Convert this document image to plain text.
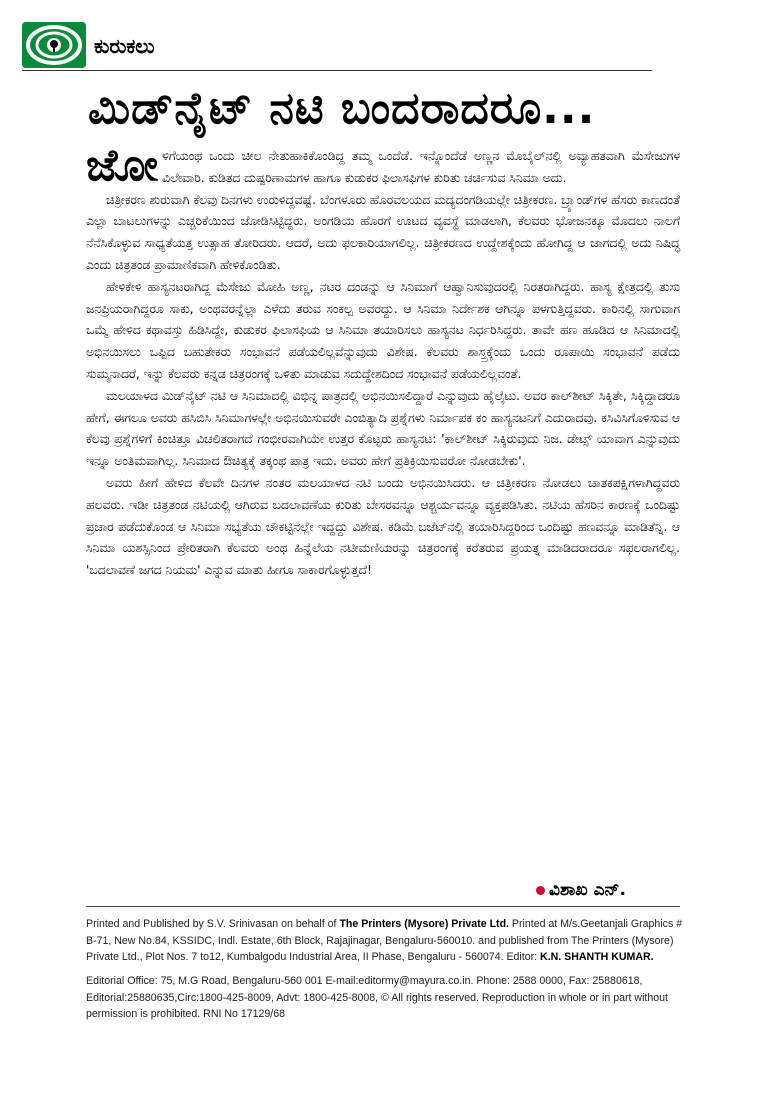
ಕುರುಕಲು
ಮಿಡ್‌ನೈಟ್ ನಟಿ ಬಂದರಾದರೂ...

ಜೋ ಳಿಗೆಯಂಥ ಒಂದು ಚೀಲ ನೇತುಹಾಕಿಕೊಂಡಿದ್ದ ತಮ್ಮ ಒಂದೆಡೆ. ಇನ್ನೊಂದೆಡೆ ಅಣ್ಣನ ಮೊಬೈಲ್‌ನಲ್ಲಿ ಅವ್ಯಾಹತವಾಗಿ ಮೆಸೇಜುಗಳ ವಿಲೇವಾರಿ. ಕುಡಿತದ ದುಷ್ಪರಿಣಾಮಗಳ ಹಾಗೂ ಕುಡುಕರ ಫಿಲಾಸಫಿಗಳ ಕುರಿತು ಚರ್ಚಿಸುವ ಸಿನಿಮಾ ಅದು.

ಚಿತ್ರೀಕರಣ ಶುರುವಾಗಿ ಕೆಲವು ದಿನಗಳು ಉರುಳಿದ್ದವಷ್ಟೆ. ಬೆಂಗಳೂರು ಹೊರವಲಯದ ಮದ್ಯದಂಗಡಿಯಲ್ಲೇ ಚಿತ್ರೀಕರಣ. ಬ್ರ್ಯಾಂಡ್‌ಗಳ ಹೆಸರು ಕಾಣದಂತೆ ಎಲ್ಲಾ ಬಾಟಲುಗಳನ್ನು ಎಚ್ಚರಿಕೆಯಿಂದ ಜೋಡಿಸಿಟ್ಟಿದ್ದರು. ಅಂಗಡಿಯ ಹೊರಗೆ ಊಟದ ವ್ಯವಸ್ಥೆ ಮಾಡಲಾಗಿ, ಕೆಲವರು ಭೋಜನಕ್ಕೂ ಮೊದಲು ನಾಲಗೆ ನೆನೆಸಿಕೊಳ್ಳುವ ಸಾಧ್ಯತೆಯತ್ತ ಉತ್ಸಾಹ ತೋರಿದರು. ಆದರೆ, ಅದು ಫಲಕಾರಿಯಾಗಲಿಲ್ಲ. ಚಿತ್ರೀಕರಣದ ಉದ್ದೇಶಕ್ಕೆಂದು ಹೋಗಿದ್ದ ಆ ಜಾಗದಲ್ಲಿ ಅದು ನಿಷಿದ್ಧ ಎಂದು ಚಿತ್ರತಂಡ ಪ್ರಾಮಾಣಿಕವಾಗಿ ಹೇಳಿಕೊಂಡಿತು.

ಹೇಳಿಕೇಳಿ ಹಾಸ್ಯನಟರಾಗಿದ್ದ ಮೆಸೇಜು ಮೋಹಿ ಅಣ್ಣ, ನಟರ ದಂಡನ್ನು ಆ ಸಿನಿಮಾಗೆ ಆಹ್ವಾನಿಸುವುದರಲ್ಲಿ ನಿರತರಾಗಿದ್ದರು. ಹಾಸ್ಯ ಕ್ಷೇತ್ರದಲ್ಲಿ ತುಸು ಜನಪ್ರಿಯರಾಗಿದ್ದರೂ ಸಾಕು, ಅಂಥವರನ್ನೆಲ್ಲಾ ಎಳೆದು ತರುವ ಸಂಕಲ್ಪ ಅವರದ್ದು. ಆ ಸಿನಿಮಾ ನಿರ್ದೇಶಕ ಆಗಿನ್ನೂ ಪಳಗುತ್ತಿದ್ದವರು. ಕಾರಿನಲ್ಲಿ ಸಾಗುವಾಗ ಒಮ್ಮೆ ಹೇಳಿದ ಕಥಾವಸ್ತು ಹಿಡಿಸಿದ್ದೇ, ಕುಡುಕರ ಫಿಲಾಸಫಿಯ ಆ ಸಿನಿಮಾ ತಯಾರಿಸಲು ಹಾಸ್ಯನಟ ನಿರ್ಧರಿಸಿದ್ದರು. ತಾವೇ ಹಣ ಹೂಡಿದ ಆ ಸಿನಿಮಾದಲ್ಲಿ ಅಭಿನಯಿಸಲು ಒಪ್ಪಿದ ಬಹುತೇಕರು ಸಂಭಾವನೆ ಪಡೆಯಲಿಲ್ಲವೆನ್ನುವುದು ವಿಶೇಷ. ಕೆಲವರು ಶಾಸ್ತ್ರಕ್ಕೆಂದು ಒಂದು ರೂಪಾಯಿ ಸಂಭಾವನೆ ಪಡೆದು ಸುಮ್ಮನಾದರೆ, ಇನ್ನು ಕೆಲವರು ಕನ್ನಡ ಚಿತ್ರರಂಗಕ್ಕೆ ಒಳಿತು ಮಾಡುವ ಸದುದ್ದೇಶದಿಂದ ಸಂಭಾವನೆ ಪಡೆಯಲಿಲ್ಲವಂತೆ.

ಮಲಯಾಳದ ಮಿಡ್‌ನೈಟ್ ನಟಿ ಆ ಸಿನಿಮಾದಲ್ಲಿ ವಿಭಿನ್ನ ಪಾತ್ರದಲ್ಲಿ ಅಭಿನಯಿಸಲಿದ್ದಾರೆ ಎನ್ನುವುದು ಹೈಲೈಟು. ಅವರ ಕಾಲ್‌ಶೀಟ್ ಸಿಕ್ಕಿತೇ, ಸಿಕ್ಕಿದ್ದಾದರೂ ಹೇಗೆ, ಈಗಲೂ ಅವರು ಹಸಿಬಿಸಿ ಸಿನಿಮಾಗಳಲ್ಲೇ ಅಭಿನಯಿಸುವರೇ ಎಂಬಿತ್ಯಾದಿ ಪ್ರಶ್ನೆಗಳು ನಿರ್ಮಾಪಕ ಕಂ ಹಾಸ್ಯನಟನಿಗೆ ಎದುರಾದವು. ಕಸಿವಿಸಿಗೊಳಿಸುವ ಆ ಕೆಲವು ಪ್ರಶ್ನೆಗಳಿಗೆ ಕಿಂಚಿತ್ತೂ ವಿಚಲಿತರಾಗದೆ ಗಂಭೀರವಾಗಿಯೇ ಉತ್ತರ ಕೊಟ್ಟರು ಹಾಸ್ಯನಟ: 'ಕಾಲ್‌ಶೀಟ್ ಸಿಕ್ಕಿರುವುದು ನಿಜ. ಡೇಟ್ಸ್ ಯಾವಾಗ ಎನ್ನುವುದು ಇನ್ನೂ ಅಂತಿಮವಾಗಿಲ್ಲ. ಸಿನಿಮಾದ ಔಚಿತ್ಯಕ್ಕೆ ತಕ್ಕಂಥ ಪಾತ್ರ ಇದು. ಅವರು ಹೇಗೆ ಪ್ರತಿಕ್ರಿಯಿಸುವರೋ ನೋಡಬೇಕು'.

ಅವರು ಹೀಗೆ ಹೇಳಿದ ಕೆಲವೇ ದಿನಗಳ ನಂತರ ಮಲಯಾಳದ ನಟಿ ಬಂದು ಅಭಿನಯಿಸಿದರು. ಆ ಚಿತ್ರೀಕರಣ ನೋಡಲು ಚಾತಕಪಕ್ಷಿಗಳಾಗಿದ್ದವರು ಹಲವರು. ಇಡೀ ಚಿತ್ರತಂಡ ನಟಿಯಲ್ಲಿ ಆಗಿರುವ ಬದಲಾವಣೆಯ ಕುರಿತು ಬೇಸರವನ್ನೂ ಆಶ್ಚರ್ಯವನ್ನೂ ವ್ಯಕ್ತಪಡಿಸಿತು. ನಟಿಯ ಹೆಸರಿನ ಕಾರಣಕ್ಕೆ ಒಂದಿಷ್ಟು ಪ್ರಚಾರ ಪಡೆದುಕೊಂಡ ಆ ಸಿನಿಮಾ ಸಭ್ಯತೆಯ ಚೌಕಟ್ಟಿನಲ್ಲೇ ಇದ್ದದ್ದು ವಿಶೇಷ. ಕಡಿಮೆ ಬಜೆಟ್‌ನಲ್ಲಿ ತಯಾರಿಸಿದ್ದರಿಂದ ಒಂದಿಷ್ಟು ಹಣವನ್ನೂ ಮಾಡಿತೆನ್ನಿ. ಆ ಸಿನಿಮಾ ಯಶಸ್ಸಿನಿಂದ ಪ್ರೇರಿತರಾಗಿ ಕೆಲವರು ಅಂಥ ಹಿನ್ನೆಲೆಯ ನಟೀಮಣಿಯರನ್ನು ಚಿತ್ರರಂಗಕ್ಕೆ ಕರೆತರುವ ಪ್ರಯತ್ನ ಮಾಡಿದರಾದರೂ ಸಫಲರಾಗಲಿಲ್ಲ. 'ಬದಲಾವಣೆ ಜಗದ ನಿಯಮ' ಎನ್ನುವ ಮಾತು ಹೀಗೂ ಸಾಕಾರಗೊಳ್ಳುತ್ತದೆ!

ವಿಶಾಖ ಎನ್.
Printed and Published by S.V. Srinivasan on behalf of The Printers (Mysore) Private Ltd. Printed at M/s.Geetanjali Graphics # B-71, New No.84, KSSIDC, Indl. Estate, 6th Block, Rajajinagar, Bengaluru-560010. and published from The Printers (Mysore) Private Ltd., Plot Nos. 7 to12, Kumbalgodu Industrial Area, II Phase, Bengaluru - 560074. Editor: K.N. SHANTH KUMAR.
Editorial Office: 75, M.G Road, Bengaluru-560 001 E-mail:editormy@mayura.co.in. Phone: 2588 0000, Fax: 25880618, Editorial:25880635,Circ:1800-425-8009, Advt: 1800-425-8008, © All rights reserved. Reproduction in whole or in part without permission is prohibited. RNI No 17129/68
